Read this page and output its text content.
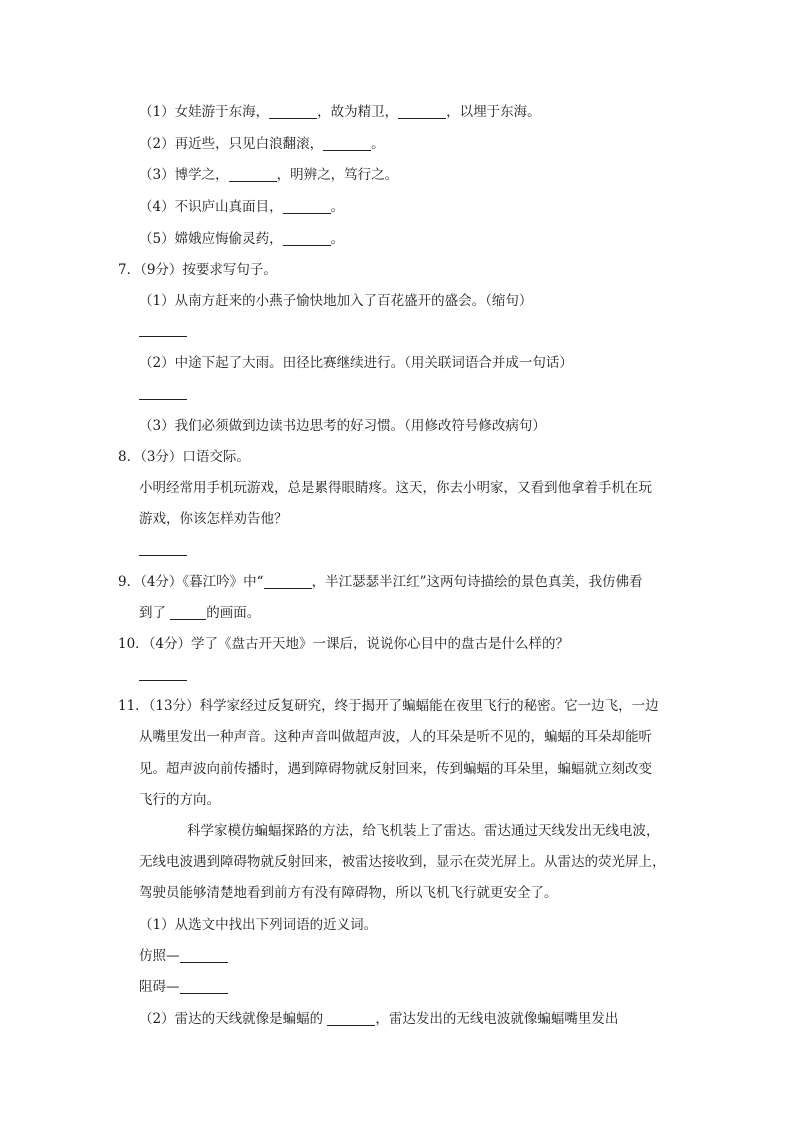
（1）女娃游于东海，	，故为精卫，	，以埋于东海。
（2）再近些，只见白浪翻滚，	。
（3）博学之，	，明辨之，笃行之。
（4）不识庐山真面目，	。
（5）嫦娥应悔偷灵药，	。
7．（9分）按要求写句子。
（1）从南方赶来的小燕子愉快地加入了百花盛开的盛会。（缩句）
（2）中途下起了大雨。田径比赛继续进行。（用关联词语合并成一句话）
（3）我们必须做到边读书边思考的好习惯。（用修改符号修改病句）
8．（3分）口语交际。
小明经常用手机玩游戏，总是累得眼睛疼。这天，你去小明家，又看到他拿着手机在玩
游戏，你该怎样劝告他？
9．（4分）《暮江吟》中“	，半江瑟瑟半江红”这两句诗描绘的景色真美，我仿佛看
到了	的画面。
10．（4分）学了《盘古开天地》一课后，说说你心目中的盘古是什么样的？
11．（13分）科学家经过反复研究，终于揭开了蝙蝠能在夜里飞行的秘密。它一边飞，一边
从嘴里发出一种声音。这种声音叫做超声波，人的耳朵是听不见的，蝙蝠的耳朵却能听
见。超声波向前传播时，遇到障碍物就反射回来，传到蝙蝠的耳朵里，蝙蝠就立刻改变
飞行的方向。
科学家模仿蝙蝠探路的方法，给飞机装上了雷达。雷达通过天线发出无线电波，
无线电波遇到障碍物就反射回来，被雷达接收到，显示在荧光屏上。从雷达的荧光屏上，
驾驶员能够清楚地看到前方有没有障碍物，所以飞机飞行就更安全了。
（1）从选文中找出下列词语的近义词。
仿照—
阻碍—
（2）雷达的天线就像是蝙蝠的	，雷达发出的无线电波就像蝙蝠嘴里发出
